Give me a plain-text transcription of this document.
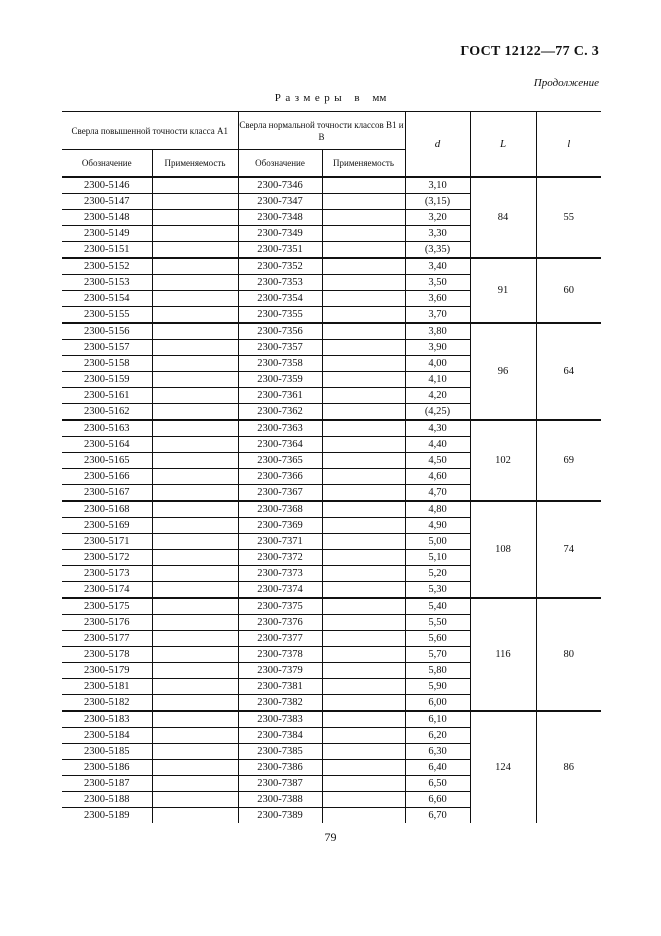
ГОСТ 12122—77 С. 3
Продолжение
Размеры в мм
Сверла повышенной точности класса А1		Сверла нормальной точности классов В1 и В		d	L	l
Обозначение	Применяемость	Обозначение	Применяемость			
2300-5146		2300-7346		3,10	84	55
2300-5147		2300-7347		(3,15)		
2300-5148		2300-7348		3,20		
2300-5149		2300-7349		3,30		
2300-5151		2300-7351		(3,35)		
2300-5152		2300-7352		3,40	91	60
2300-5153		2300-7353		3,50		
2300-5154		2300-7354		3,60		
2300-5155		2300-7355		3,70		
2300-5156		2300-7356		3,80	96	64
2300-5157		2300-7357		3,90		
2300-5158		2300-7358		4,00		
2300-5159		2300-7359		4,10		
2300-5161		2300-7361		4,20		
2300-5162		2300-7362		(4,25)		
2300-5163		2300-7363		4,30	102	69
2300-5164		2300-7364		4,40		
2300-5165		2300-7365		4,50		
2300-5166		2300-7366		4,60		
2300-5167		2300-7367		4,70		
2300-5168		2300-7368		4,80	108	74
2300-5169		2300-7369		4,90		
2300-5171		2300-7371		5,00		
2300-5172		2300-7372		5,10		
2300-5173		2300-7373		5,20		
2300-5174		2300-7374		5,30		
2300-5175		2300-7375		5,40	116	80
2300-5176		2300-7376		5,50		
2300-5177		2300-7377		5,60		
2300-5178		2300-7378		5,70		
2300-5179		2300-7379		5,80		
2300-5181		2300-7381		5,90		
2300-5182		2300-7382		6,00		
2300-5183		2300-7383		6,10	124	86
2300-5184		2300-7384		6,20		
2300-5185		2300-7385		6,30		
2300-5186		2300-7386		6,40		
2300-5187		2300-7387		6,50		
2300-5188		2300-7388		6,60		
2300-5189		2300-7389		6,70		
79
